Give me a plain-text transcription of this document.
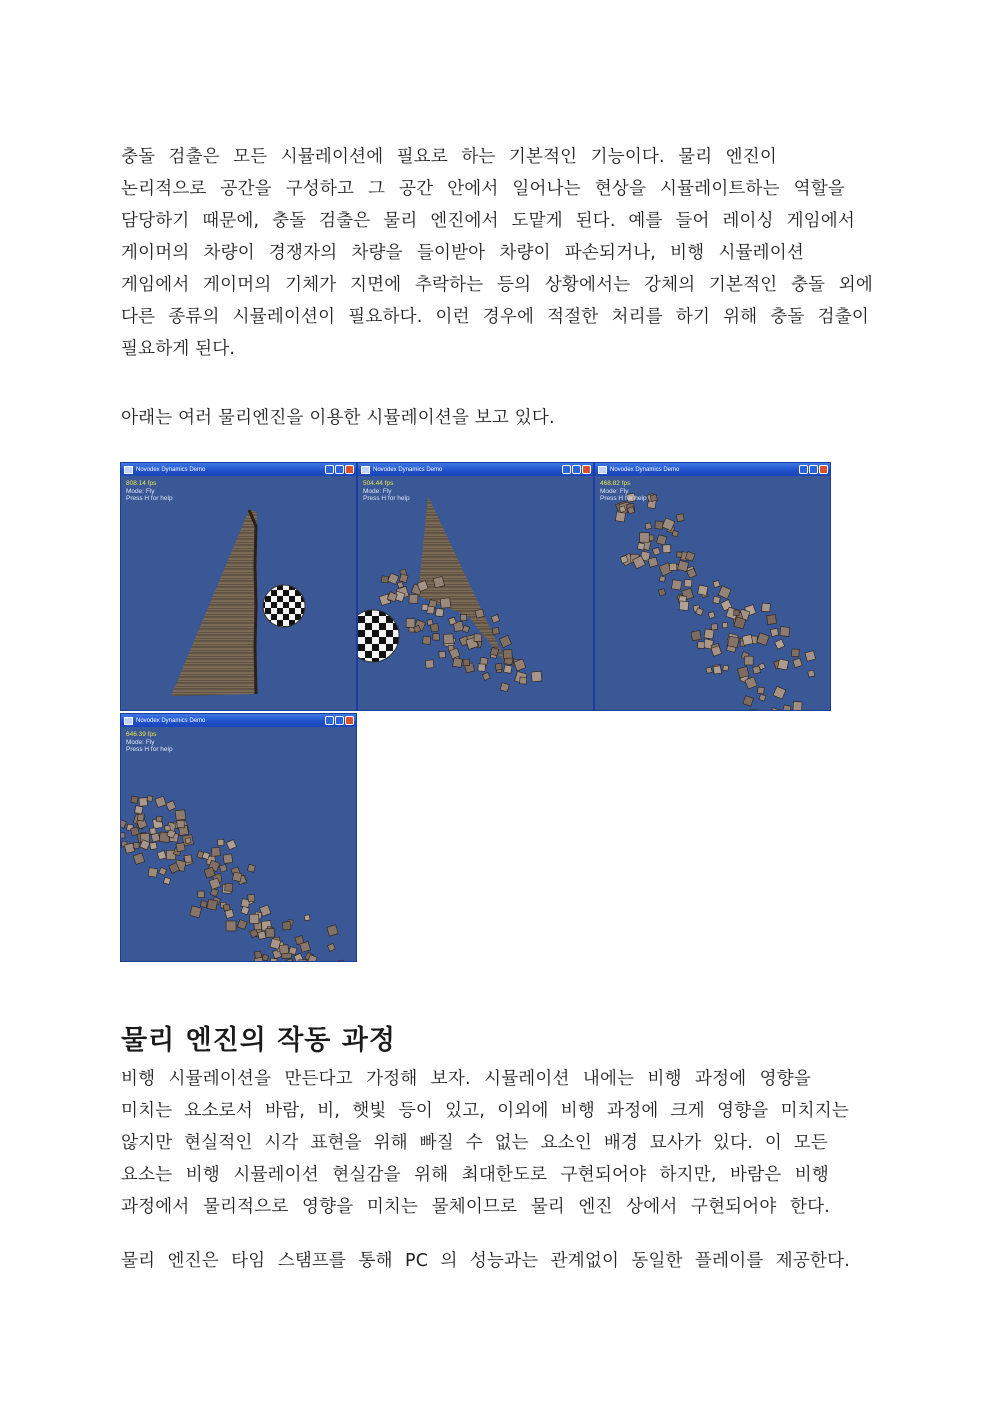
충돌 검출은 모든 시뮬레이션에 필요로 하는 기본적인 기능이다. 물리 엔진이
논리적으로 공간을 구성하고 그 공간 안에서 일어나는 현상을 시뮬레이트하는 역할을
담당하기 때문에, 충돌 검출은 물리 엔진에서 도맡게 된다. 예를 들어 레이싱 게임에서
게이머의 차량이 경쟁자의 차량을 들이받아 차량이 파손되거나, 비행 시뮬레이션
게임에서 게이머의 기체가 지면에 추락하는 등의 상황에서는 강체의 기본적인 충돌 외에
다른 종류의 시뮬레이션이 필요하다. 이런 경우에 적절한 처리를 하기 위해 충돌 검출이
필요하게 된다.
아래는 여러 물리엔진을 이용한 시뮬레이션을 보고 있다.
Novodex Dynamics Demo
808.14 fps
Mode: Fly
Press H for help
Novodex Dynamics Demo
504.44 fps
Mode: Fly
Press H for help
Novodex Dynamics Demo
468.82 fps
Mode: Fly
Press H for help
Novodex Dynamics Demo
646.39 fps
Mode: Fly
Press H for help
물리 엔진의 작동 과정
비행 시뮬레이션을 만든다고 가정해 보자. 시뮬레이션 내에는 비행 과정에 영향을
미치는 요소로서 바람, 비, 햇빛 등이 있고, 이외에 비행 과정에 크게 영향을 미치지는
않지만 현실적인 시각 표현을 위해 빠질 수 없는 요소인 배경 묘사가 있다. 이 모든
요소는 비행 시뮬레이션 현실감을 위해 최대한도로 구현되어야 하지만, 바람은 비행
과정에서 물리적으로 영향을 미치는 물체이므로 물리 엔진 상에서 구현되어야 한다.
물리 엔진은 타임 스탬프를 통해 PC 의 성능과는 관계없이 동일한 플레이를 제공한다.
